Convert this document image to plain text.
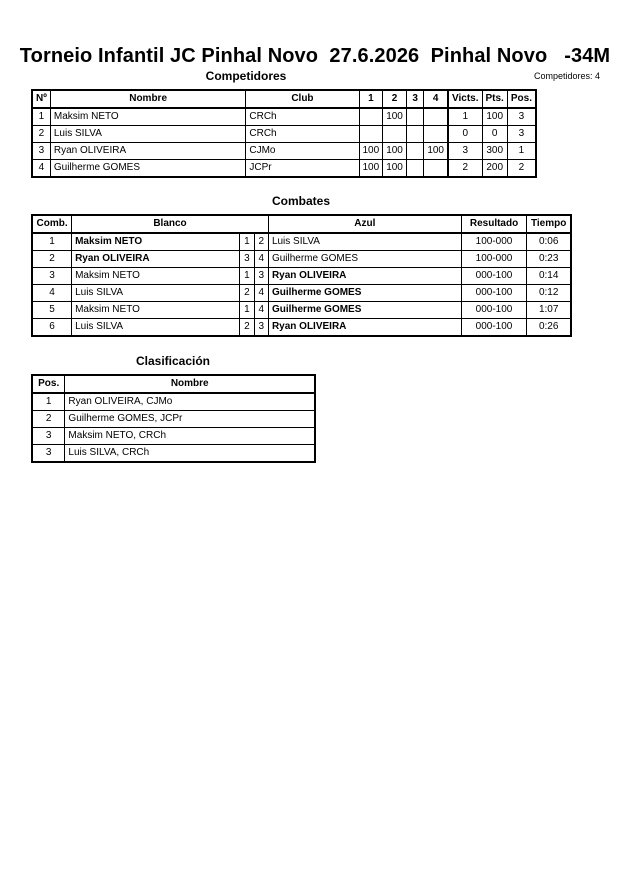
Torneio Infantil JC Pinhal Novo  27.6.2026  Pinhal Novo   -34M
Competidores	Competidores: 4
Nº	Nombre	Club	1	2	3	4	Victs.	Pts.	Pos.
1	Maksim NETO	CRCh		100			1	100	3
2	Luis SILVA	CRCh					0	0	3
3	Ryan OLIVEIRA	CJMo	100	100		100	3	300	1
4	Guilherme GOMES	JCPr	100	100			2	200	2
Combates
Comb.	Blanco			Azul	Resultado	Tiempo
1	Maksim NETO	1	2	Luis SILVA	100-000	0:06
2	Ryan OLIVEIRA	3	4	Guilherme GOMES	100-000	0:23
3	Maksim NETO	1	3	Ryan OLIVEIRA	000-100	0:14
4	Luis SILVA	2	4	Guilherme GOMES	000-100	0:12
5	Maksim NETO	1	4	Guilherme GOMES	000-100	1:07
6	Luis SILVA	2	3	Ryan OLIVEIRA	000-100	0:26
Clasificación
Pos.	Nombre
1	Ryan OLIVEIRA, CJMo
2	Guilherme GOMES, JCPr
3	Maksim NETO, CRCh
3	Luis SILVA, CRCh
